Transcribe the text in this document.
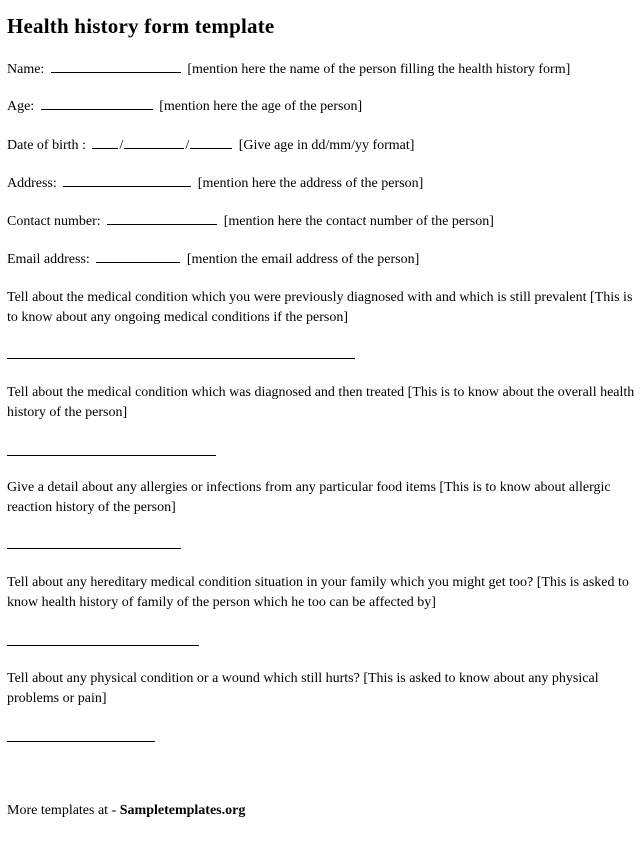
Health history form template
Name:	[mention here the name of the person filling the health history form]
Age:	[mention here the age of the person]
Date of birth : /	/	[Give age in dd/mm/yy format]
Address:	[mention here the address of the person]
Contact number:	[mention here the contact number of the person]
Email address:	[mention the email address of the person]
Tell about the medical condition which you were previously diagnosed with and which is still prevalent [This is to know about any ongoing medical conditions if the person]
Tell about the medical condition which was diagnosed and then treated [This is to know about the overall health history of the person]
Give a detail about any allergies or infections from any particular food items [This is to know about allergic reaction history of the person]
Tell about any hereditary medical condition situation in your family which you might get too? [This is asked to know health history of family of the person which he too can be affected by]
Tell about any physical condition or a wound which still hurts? [This is asked to know about any physical problems or pain]
More templates at - Sampletemplates.org
